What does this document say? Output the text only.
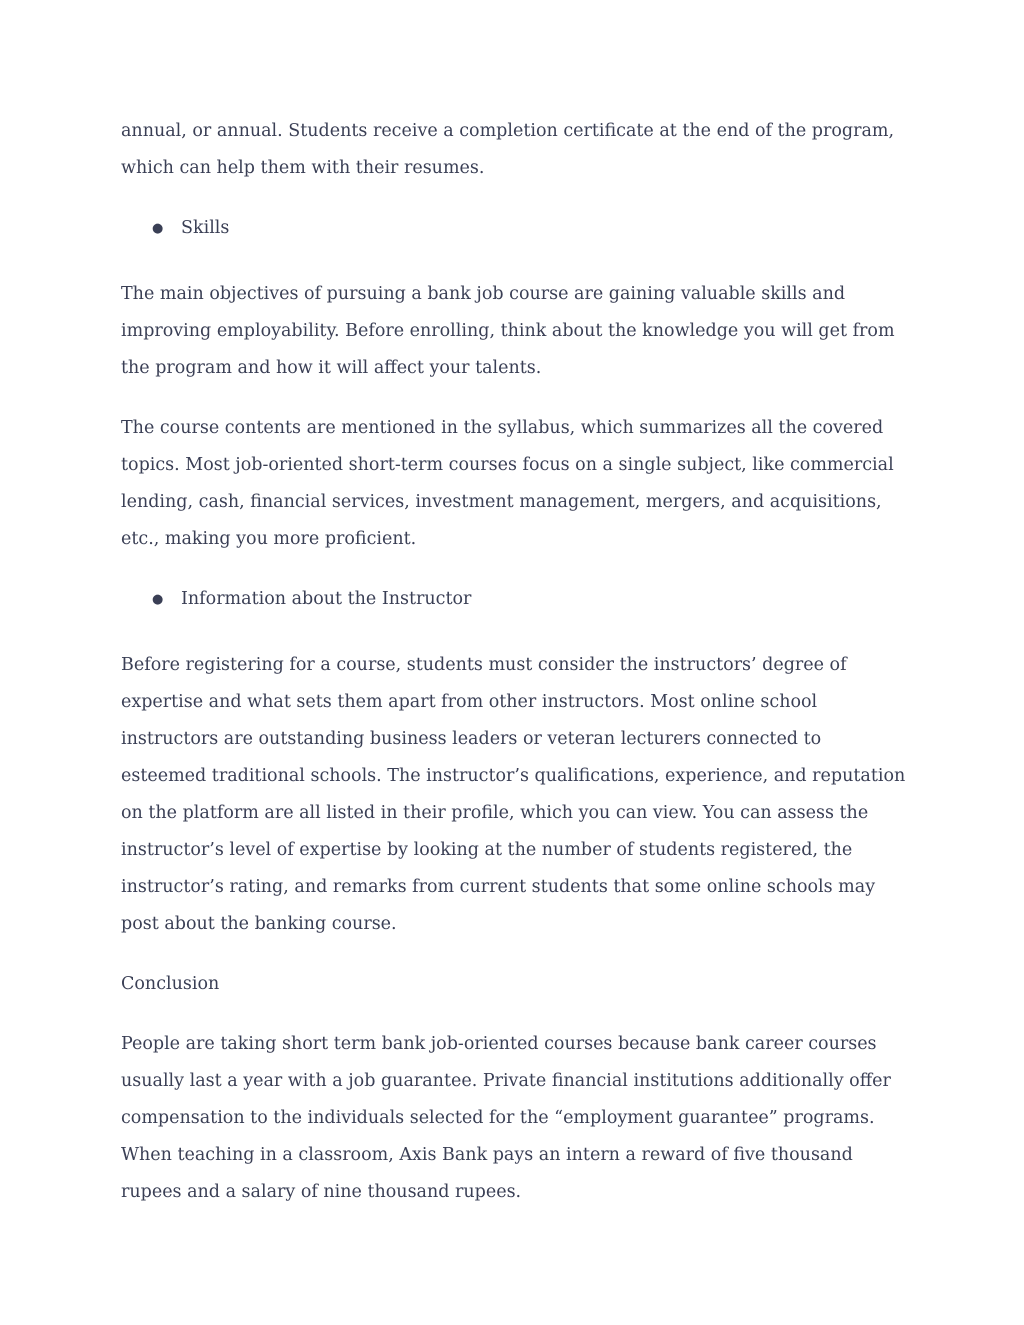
annual, or annual. Students receive a completion certificate at the end of the program, which can help them with their resumes.

● Skills

The main objectives of pursuing a bank job course are gaining valuable skills and improving employability. Before enrolling, think about the knowledge you will get from the program and how it will affect your talents.

The course contents are mentioned in the syllabus, which summarizes all the covered topics. Most job-oriented short-term courses focus on a single subject, like commercial lending, cash, financial services, investment management, mergers, and acquisitions, etc., making you more proficient.

● Information about the Instructor

Before registering for a course, students must consider the instructors’ degree of expertise and what sets them apart from other instructors. Most online school instructors are outstanding business leaders or veteran lecturers connected to esteemed traditional schools. The instructor’s qualifications, experience, and reputation on the platform are all listed in their profile, which you can view. You can assess the instructor’s level of expertise by looking at the number of students registered, the instructor’s rating, and remarks from current students that some online schools may post about the banking course.

Conclusion

People are taking short term bank job-oriented courses because bank career courses usually last a year with a job guarantee. Private financial institutions additionally offer compensation to the individuals selected for the “employment guarantee” programs. When teaching in a classroom, Axis Bank pays an intern a reward of five thousand rupees and a salary of nine thousand rupees.
